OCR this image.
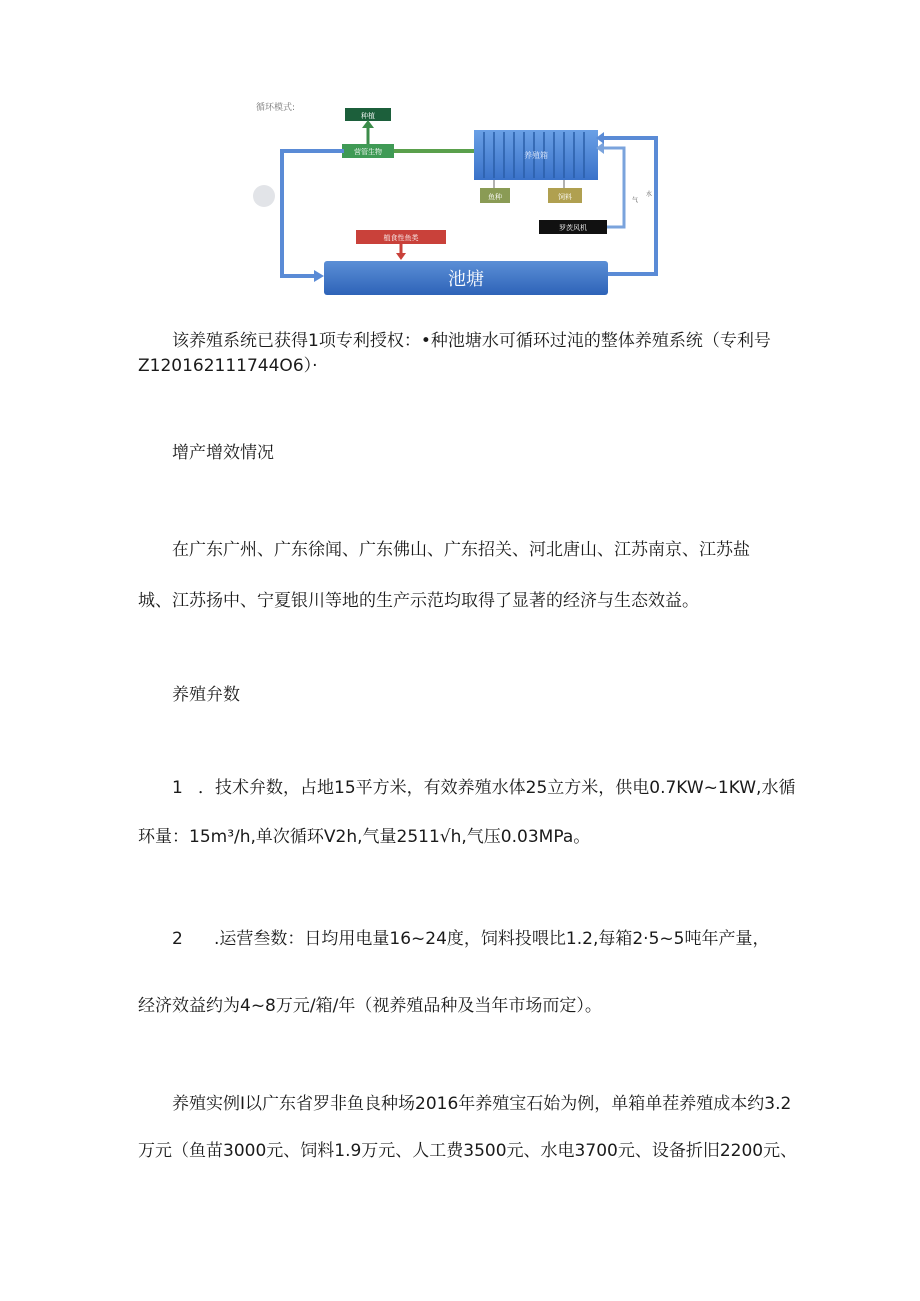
循环模式:
种植
营管生物	养殖箱
鱼种	饲料
罗茨风机
气
水
植食性鱼类
池塘

该养殖系统已获得1项专利授权：•种池塘水可循环过沌的整体养殖系统（专利号

Z120162111744O6）·

增产增效情况

在广东广州、广东徐闻、广东佛山、广东招关、河北唐山、江苏南京、江苏盐

城、江苏扬中、宁夏银川等地的生产示范均取得了显著的经济与生态效益。

养殖弁数

1 ．技术弁数，占地15平方米，有效养殖水体25立方米，供电0.7KW~1KW,水循

环量：15m³∕h,单次循环V2h,气量2511√h,气压0.03MPa。

2	.运营叁数：日均用电量16~24度，饲料投喂比1.2,每箱2·5~5吨年产量，

经济效益约为4~8万元/箱/年（视养殖品种及当年市场而定）。

养殖实例I以广东省罗非鱼良种场2016年养殖宝石始为例，单箱单茬养殖成本约3.2

万元（鱼苗3000元、饲料1.9万元、人工费3500元、水电3700元、设备折旧2200元、
